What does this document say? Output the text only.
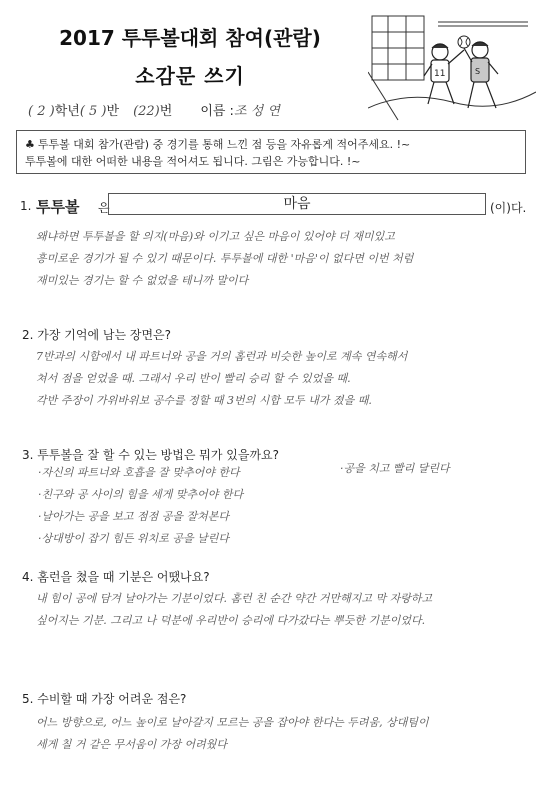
2017 투투볼대회 참여(관람)
소감문 쓰기	11	S
( 2 )학년( 5 )반 (22)번 이름 :조 성 연
♣ 투투볼 대회 참가(관람) 중 경기를 통해 느낀 점 등을 자유롭게 적어주세요. !~
투투볼에 대한 어떠한 내용을 적어셔도 됩니다. 그림은 가능합니다. !~
1. 투투볼 은	마음	(이)다.
왜냐하면 투투볼을 할 의지(마음)와 이기고 싶은 마음이 있어야 더 재미있고
흥미로운 경기가 될 수 있기 때문이다. 투투볼에 대한 '마음'이 없다면 이번 처럼
재미있는 경기는 할 수 없었을 테니까 말이다
2. 가장 기억에 남는 장면은?
7반과의 시합에서 내 파트너와 공을 거의 홈런과 비슷한 높이로 계속 연속해서
쳐서 점을 얻었을 때. 그래서 우리 반이 빨리 승리 할 수 있었을 때.
각반 주장이 가위바위보 공수를 정할 때 3번의 시합 모두 내가 졌을 때.
3. 투투볼을 잘 할 수 있는 방법은 뭐가 있을까요?
·자신의 파트너와 호흡을 잘 맞추어야 한다
·친구와 공 사이의 힘을 세게 맞추어야 한다
·날아가는 공을 보고 점점 공을 잘쳐본다
·상대방이 잡기 힘든 위치로 공을 날린다
·공을 치고 빨리 달린다
4. 홈런을 쳤을 때 기분은 어땠나요?
내 힘이 공에 담겨 날아가는 기분이었다. 홈런 친 순간 약간 거만해지고 막 자랑하고
싶어지는 기분. 그리고 나 덕분에 우리반이 승리에 다가갔다는 뿌듯한 기분이었다.
5. 수비할 때 가장 어려운 점은?
어느 방향으로, 어느 높이로 날아갈지 모르는 공을 잡아야 한다는 두려움, 상대팀이
세게 칠 거 같은 무서움이 가장 어려웠다
